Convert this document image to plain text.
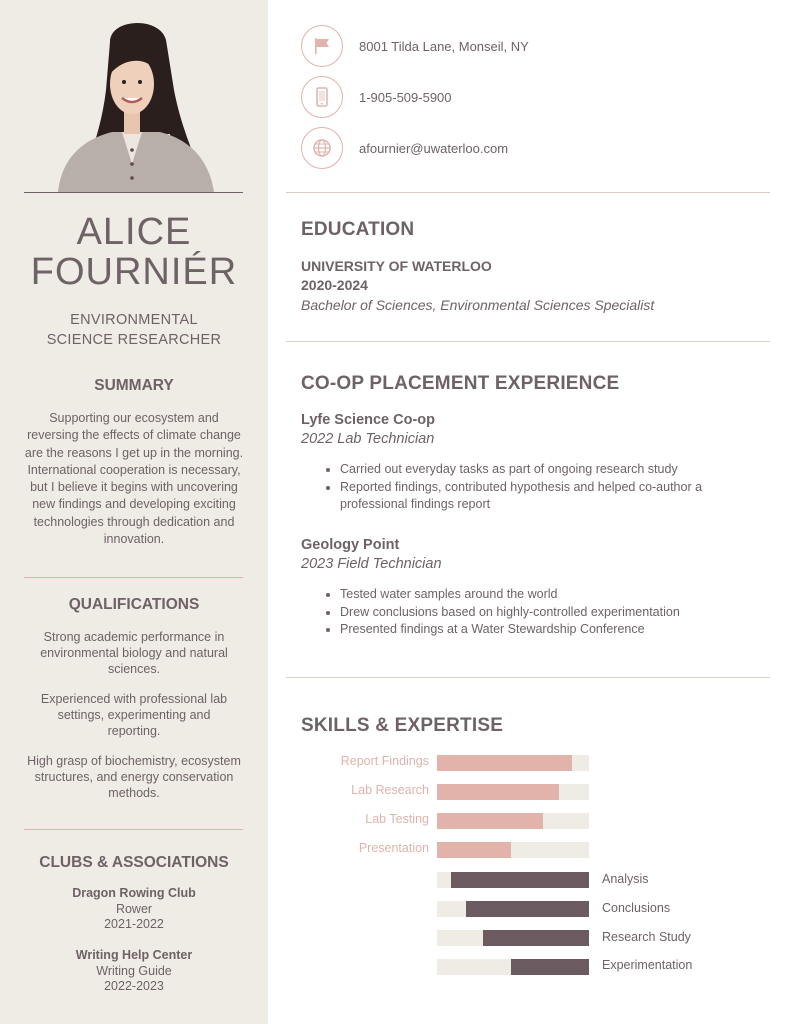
ALICE
FOURNIÉR
ENVIRONMENTAL
SCIENCE RESEARCHER
SUMMARY
Supporting our ecosystem and reversing the effects of climate change are the reasons I get up in the morning. International cooperation is necessary, but I believe it begins with uncovering new findings and developing exciting technologies through dedication and innovation.
QUALIFICATIONS
Strong academic performance in environmental biology and natural sciences.
Experienced with professional lab settings, experimenting and reporting.
High grasp of biochemistry, ecosystem structures, and energy conservation methods.
CLUBS & ASSOCIATIONS
Dragon Rowing Club
Rower
2021-2022
Writing Help Center
Writing Guide
2022-2023
8001 Tilda Lane, Monseil, NY
1-905-509-5900
afournier@uwaterloo.com
EDUCATION
UNIVERSITY OF WATERLOO
2020-2024
Bachelor of Sciences, Environmental Sciences Specialist
CO-OP PLACEMENT EXPERIENCE
Lyfe Science Co-op
2022 Lab Technician
• Carried out everyday tasks as part of ongoing research study
• Reported findings, contributed hypothesis and helped co-author a professional findings report
Geology Point
2023 Field Technician
• Tested water samples around the world
• Drew conclusions based on highly-controlled experimentation
• Presented findings at a Water Stewardship Conference
SKILLS & EXPERTISE
Report Findings
Lab Research
Lab Testing
Presentation
Analysis
Conclusions
Research Study
Experimentation
